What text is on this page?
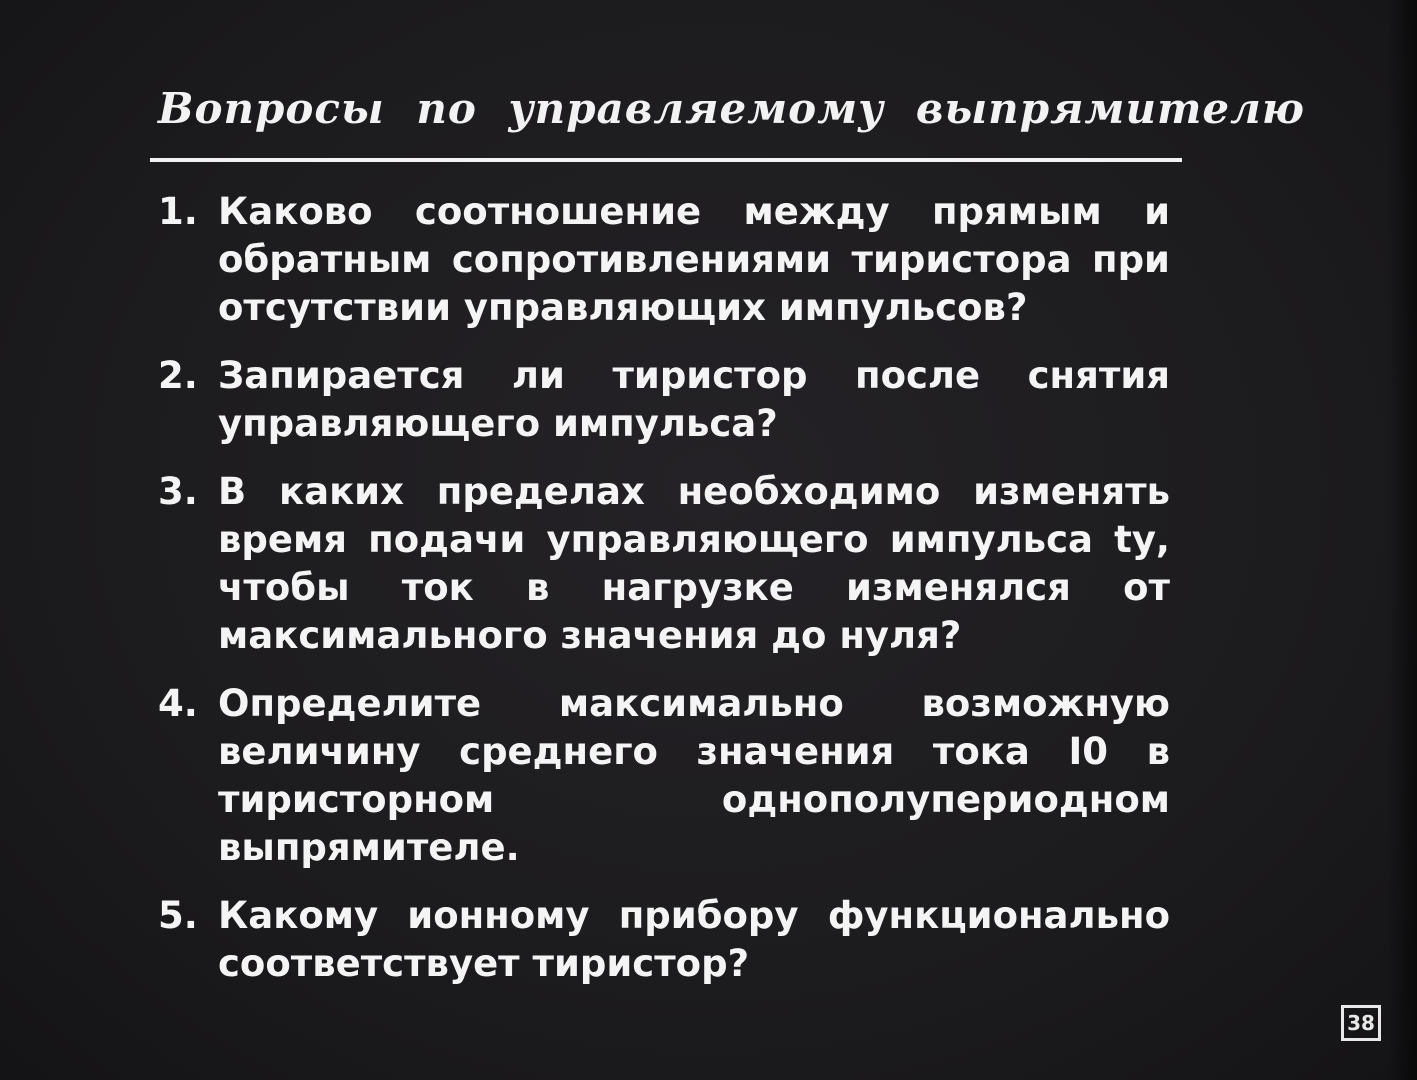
Вопросы по управляемому выпрямителю
1. Каково соотношение между прямым и обратным сопротивлениями тиристора при отсутствии управляющих импульсов?
2. Запирается ли тиристор после снятия управляющего импульса?
3. В каких пределах необходимо изменять время подачи управляющего импульса tу, чтобы ток в нагрузке изменялся от максимального значения до нуля?
4. Определите максимально возможную величину среднего значения тока I0 в тиристорном однополупериодном выпрямителе.
5. Какому ионному прибору функционально соответствует тиристор?
38
